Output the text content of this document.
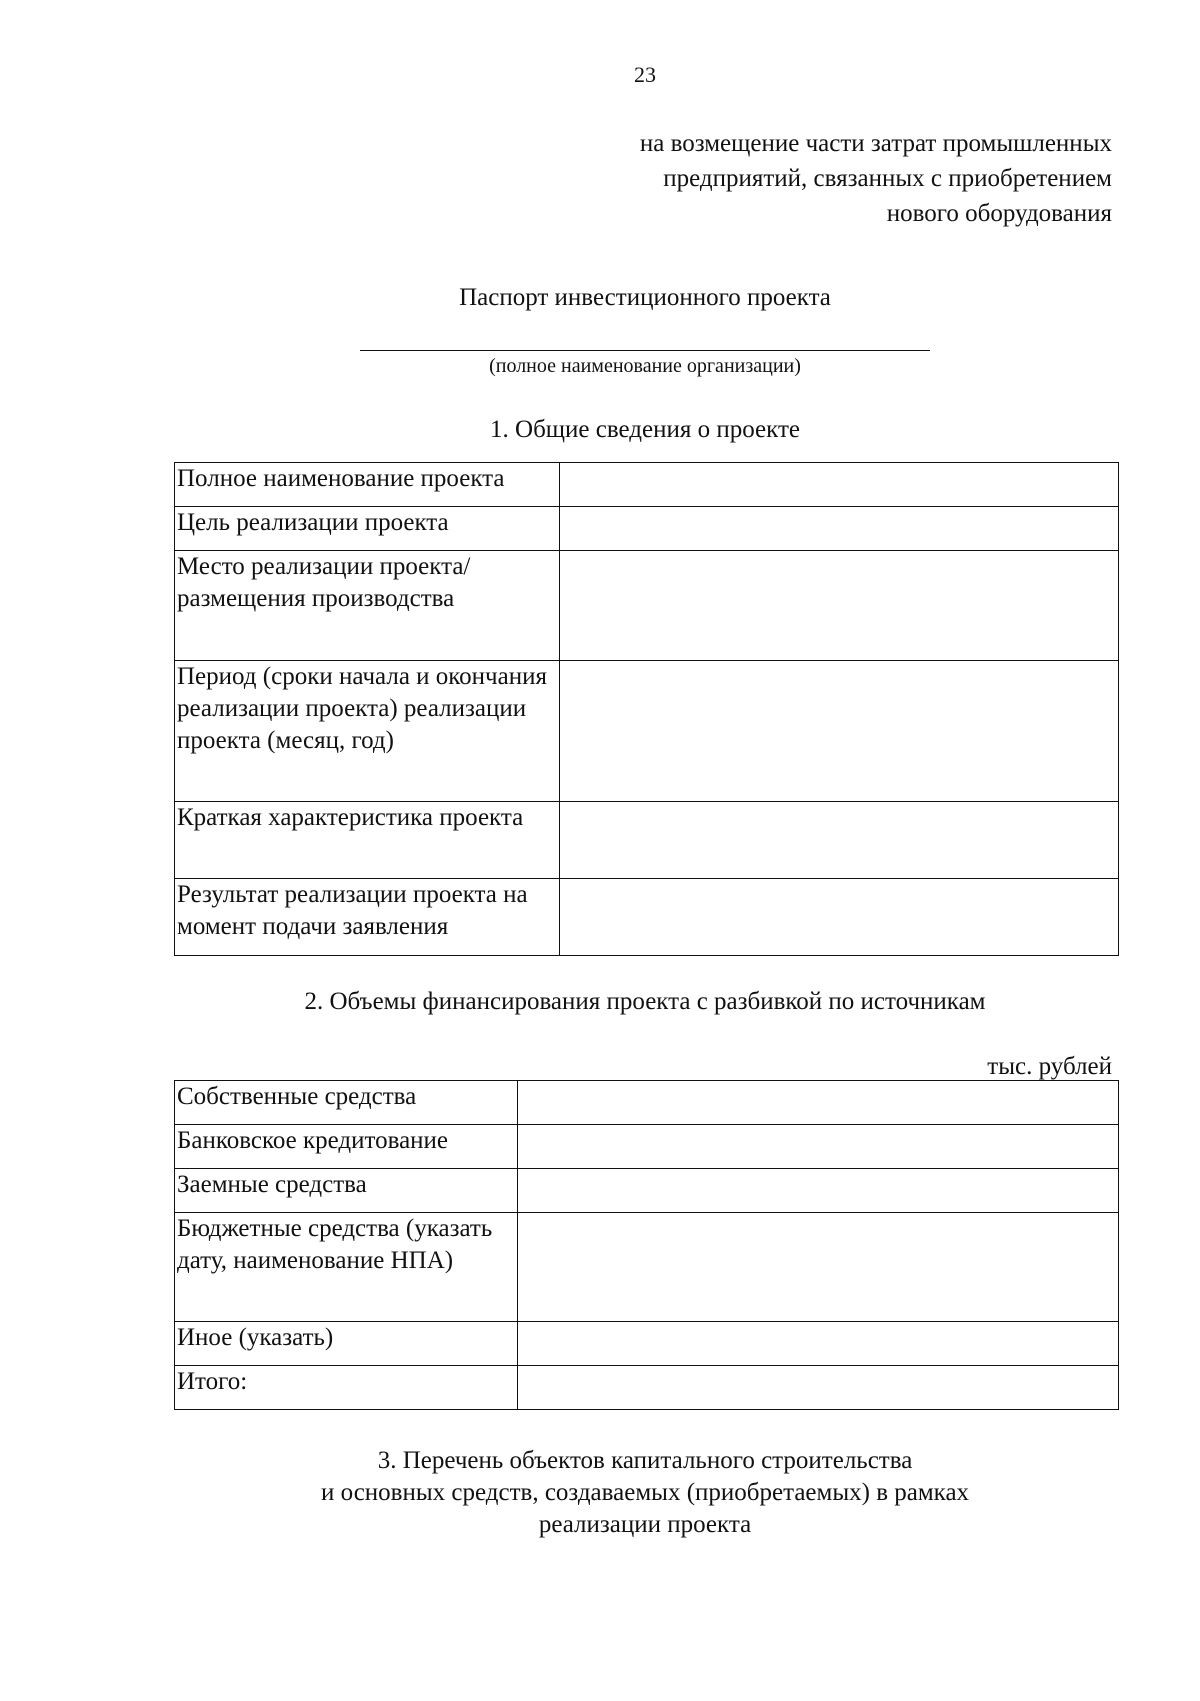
23
на возмещение части затрат промышленных
предприятий, связанных с приобретением
нового оборудования
Паспорт инвестиционного проекта
(полное наименование организации)
1. Общие сведения о проекте
Полное наименование проекта	
Цель реализации проекта	
Место реализации проекта/размещения производства	
Период (сроки начала и окончания реализации проекта) реализации проекта (месяц, год)	
Краткая характеристика проекта	
Результат реализации проекта на момент подачи заявления	
2. Объемы финансирования проекта с разбивкой по источникам
тыс. рублей
Собственные средства	
Банковское кредитование	
Заемные средства	
Бюджетные средства (указать дату, наименование НПА)	
Иное (указать)	
Итого:	
3. Перечень объектов капитального строительства
и основных средств, создаваемых (приобретаемых) в рамках
реализации проекта
